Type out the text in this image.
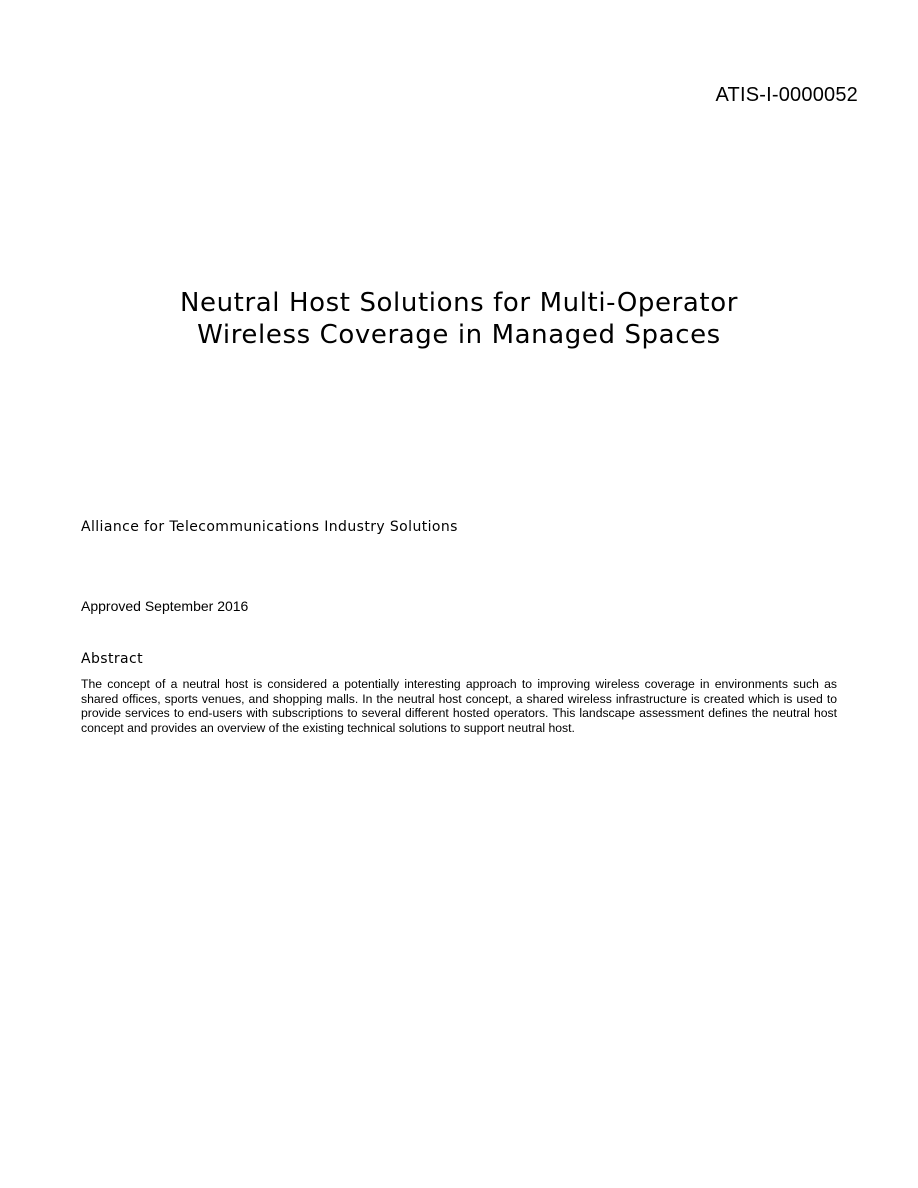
ATIS-I-0000052
Neutral Host Solutions for Multi-Operator
Wireless Coverage in Managed Spaces
Alliance for Telecommunications Industry Solutions
Approved September 2016
Abstract

The concept of a neutral host is considered a potentially interesting approach to improving wireless coverage in environments such as shared offices, sports venues, and shopping malls. In the neutral host concept, a shared wireless infrastructure is created which is used to provide services to end-users with subscriptions to several different hosted operators. This landscape assessment defines the neutral host concept and provides an overview of the existing technical solutions to support neutral host.
